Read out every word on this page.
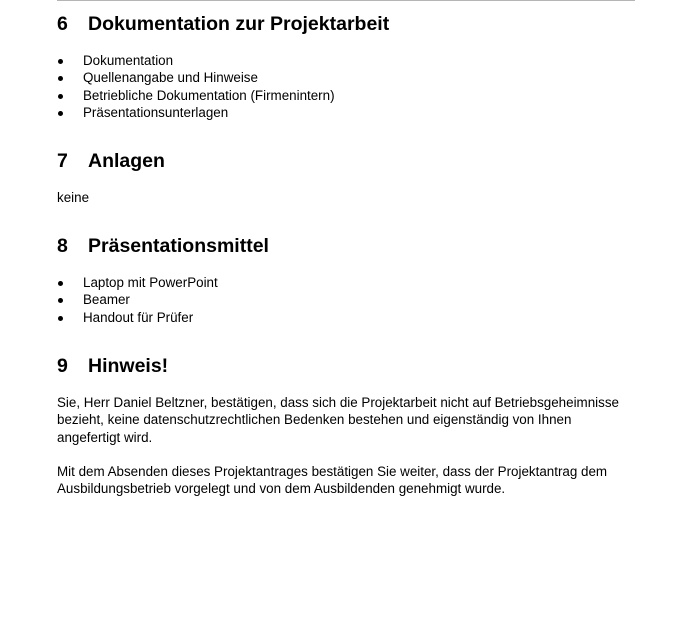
6	Dokumentation zur Projektarbeit
Dokumentation
Quellenangabe und Hinweise
Betriebliche Dokumentation (Firmenintern)
Präsentationsunterlagen
7	Anlagen

keine

8	Präsentationsmittel
Laptop mit PowerPoint
Beamer
Handout für Prüfer
9	Hinweis!

Sie, Herr Daniel Beltzner, bestätigen, dass sich die Projektarbeit nicht auf Betriebsgeheimnisse

bezieht, keine datenschutzrechtlichen Bedenken bestehen und eigenständig von Ihnen

angefertigt wird.

Mit dem Absenden dieses Projektantrages bestätigen Sie weiter, dass der Projektantrag dem

Ausbildungsbetrieb vorgelegt und von dem Ausbildenden genehmigt wurde.
